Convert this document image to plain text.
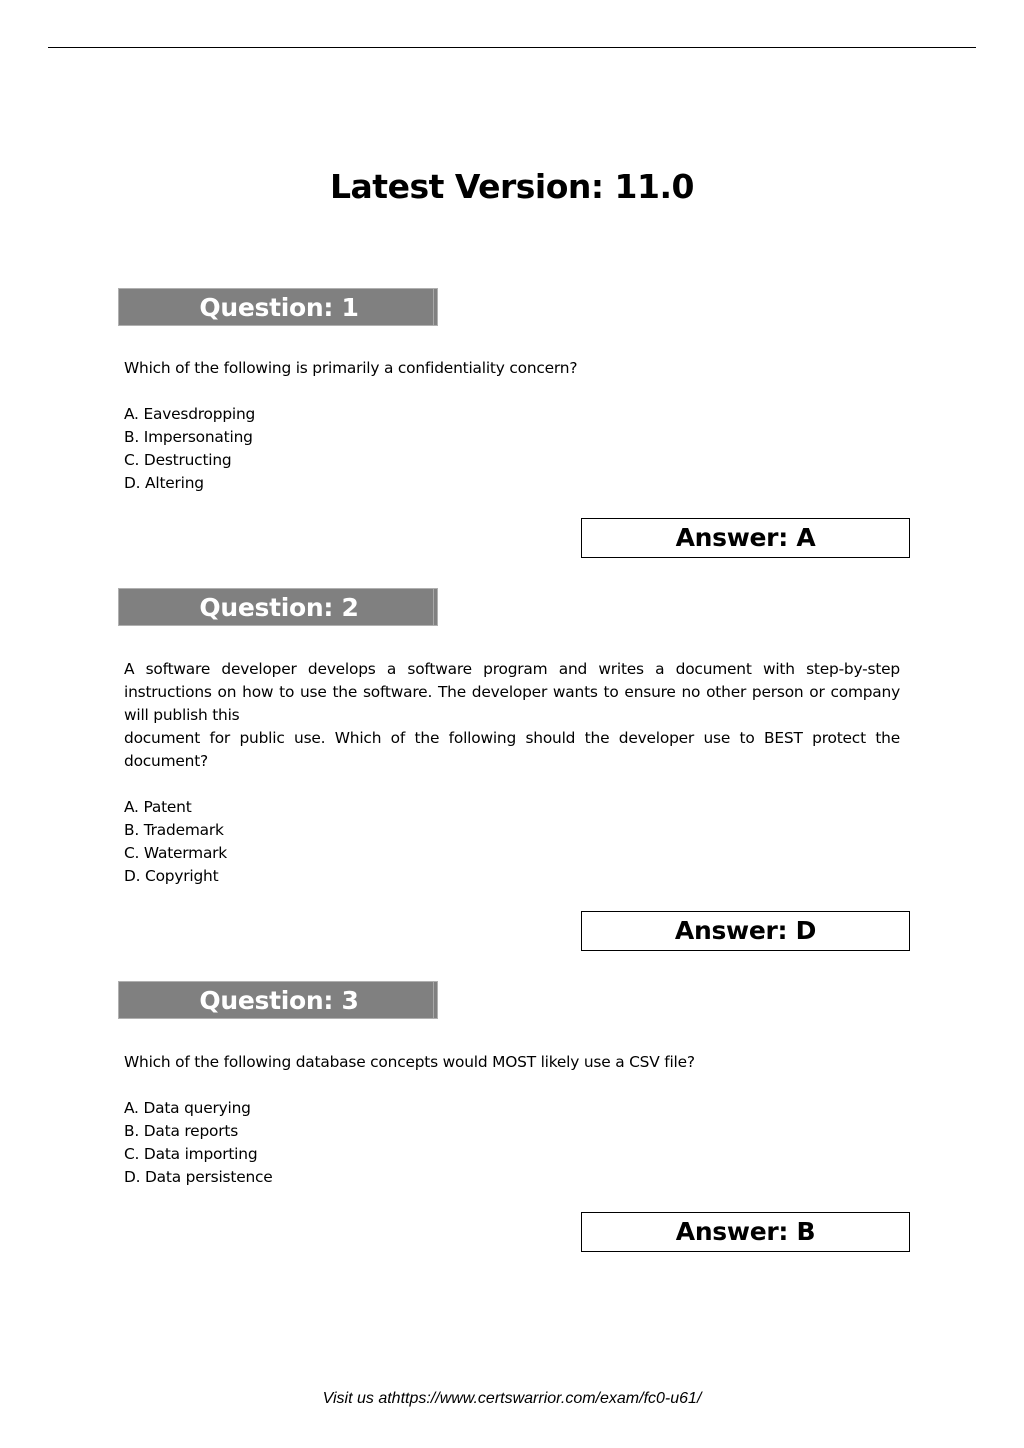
Latest Version: 11.0
Question: 1
Which of the following is primarily a confidentiality concern?
A. Eavesdropping
B. Impersonating
C. Destructing
D. Altering
Answer: A
Question: 2
A software developer develops a software program and writes a document with step-by-step instructions on how to use the software. The developer wants to ensure no other person or company will publish this
document for public use. Which of the following should the developer use to BEST protect the document?
A. Patent
B. Trademark
C. Watermark
D. Copyright
Answer: D
Question: 3
Which of the following database concepts would MOST likely use a CSV file?
A. Data querying
B. Data reports
C. Data importing
D. Data persistence
Answer: B
Visit us athttps://www.certswarrior.com/exam/fc0-u61/
